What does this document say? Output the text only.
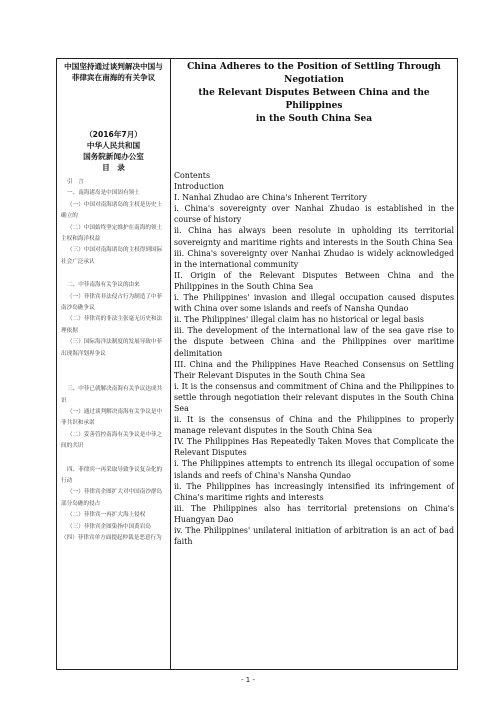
中国坚持通过谈判解决中国与菲律宾在南海的有关争议

（2016年7月）

中华人民共和国

国务院新闻办公室

目　录

引　言

一、南海诸岛是中国固有领土

（一）中国对南海诸岛的主权是历史上确立的

（二）中国始终坚定维护在南海的领土主权和海洋权益

（三）中国对南海诸岛的主权得到国际社会广泛承认

二、中菲南海有关争议的由来

（一）菲律宾非法侵占行为制造了中菲南沙岛礁争议

（二）菲律宾的非法主张毫无历史和法理依据

（三）国际海洋法制度的发展导致中菲出现海洋划界争议

三、中菲已就解决南海有关争议达成共识

（一）通过谈判解决南海有关争议是中菲共识和承诺

（二）妥善管控南海有关争议是中菲之间的共识

四、菲律宾一再采取导致争议复杂化的行动

（一）菲律宾企图扩大对中国南沙群岛部分岛礁的侵占

（二）菲律宾一再扩大海上侵权

（三）菲律宾企图染指中国黄岩岛

（四）菲律宾单方面提起仲裁是恶意行为

China Adheres to the Position of Settling Through

Negotiation

the Relevant Disputes Between China and the

Philippines

in the South China Sea

Contents

Introduction

I. Nanhai Zhudao are China's Inherent Territory

i. China's sovereignty over Nanhai Zhudao is established in the course of history

ii. China has always been resolute in upholding its territorial sovereignty and maritime rights and interests in the South China Sea

iii. China's sovereignty over Nanhai Zhudao is widely acknowledged in the international community

II. Origin of the Relevant Disputes Between China and the Philippines in the South China Sea

i. The Philippines' invasion and illegal occupation caused disputes with China over some islands and reefs of Nansha Qundao

ii. The Philippines' illegal claim has no historical or legal basis

iii. The development of the international law of the sea gave rise to the dispute between China and the Philippines over maritime delimitation

III. China and the Philippines Have Reached Consensus on Settling Their Relevant Disputes in the South China Sea

i. It is the consensus and commitment of China and the Philippines to settle through negotiation their relevant disputes in the South China Sea

ii. It is the consensus of China and the Philippines to properly manage relevant disputes in the South China Sea

IV. The Philippines Has Repeatedly Taken Moves that Complicate the Relevant Disputes

i. The Philippines attempts to entrench its illegal occupation of some islands and reefs of China's Nansha Qundao

ii. The Philippines has increasingly intensified its infringement of China's maritime rights and interests

iii. The Philippines also has territorial pretensions on China's Huangyan Dao

iv. The Philippines' unilateral initiation of arbitration is an act of bad faith

- 1 -
